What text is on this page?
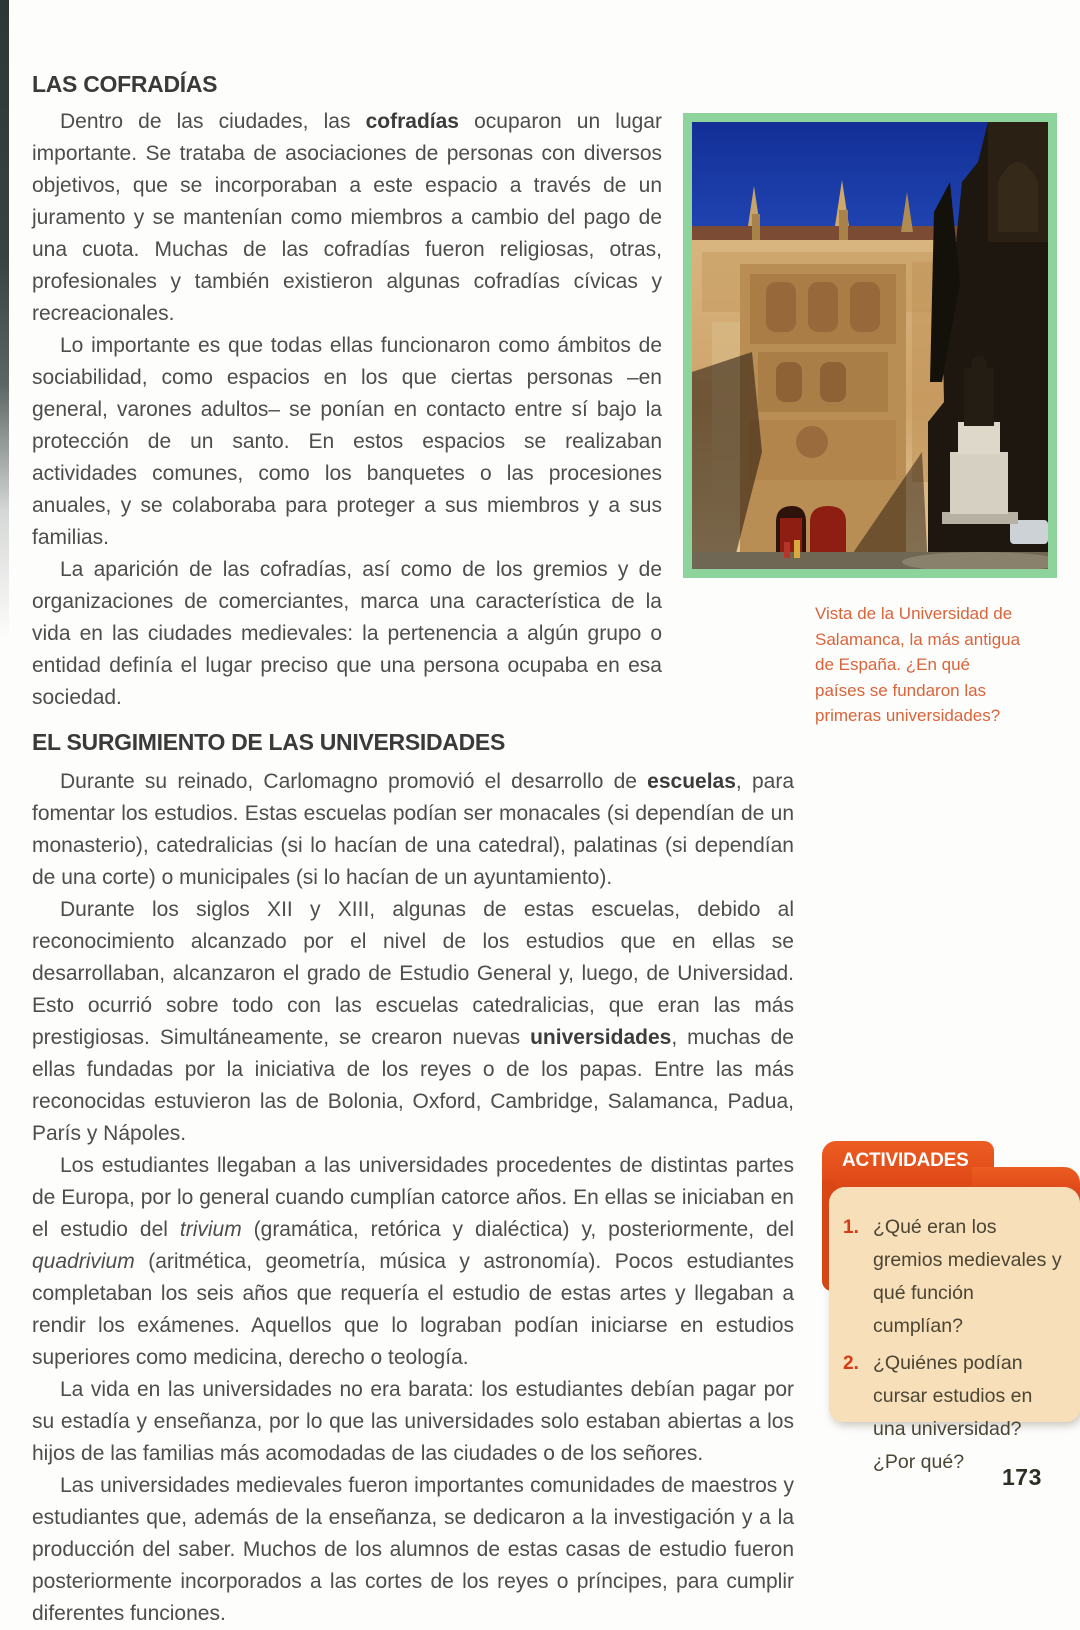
LAS COFRADÍAS

Dentro de las ciudades, las cofradías ocuparon un lugar importante. Se trataba de asociaciones de personas con diversos objetivos, que se incorporaban a este espacio a través de un juramento y se mantenían como miembros a cambio del pago de una cuota. Muchas de las cofradías fueron religiosas, otras, profesionales y también existieron algunas cofradías cívicas y recreacionales.

Lo importante es que todas ellas funcionaron como ámbitos de sociabilidad, como espacios en los que ciertas personas –en general, varones adultos– se ponían en contacto entre sí bajo la protección de un santo. En estos espacios se realizaban actividades comunes, como los banquetes o las procesiones anuales, y se colaboraba para proteger a sus miembros y a sus familias.

La aparición de las cofradías, así como de los gremios y de organizaciones de comerciantes, marca una característica de la vida en las ciudades medievales: la pertenencia a algún grupo o entidad definía el lugar preciso que una persona ocupaba en esa sociedad.

EL SURGIMIENTO DE LAS UNIVERSIDADES

Durante su reinado, Carlomagno promovió el desarrollo de escuelas, para fomentar los estudios. Estas escuelas podían ser monacales (si dependían de un monasterio), catedralicias (si lo hacían de una catedral), palatinas (si dependían de una corte) o municipales (si lo hacían de un ayuntamiento).

Durante los siglos XII y XIII, algunas de estas escuelas, debido al reconocimiento alcanzado por el nivel de los estudios que en ellas se desarrollaban, alcanzaron el grado de Estudio General y, luego, de Universidad. Esto ocurrió sobre todo con las escuelas catedralicias, que eran las más prestigiosas. Simultáneamente, se crearon nuevas universidades, muchas de ellas fundadas por la iniciativa de los reyes o de los papas. Entre las más reconocidas estuvieron las de Bolonia, Oxford, Cambridge, Salamanca, Padua, París y Nápoles.

Los estudiantes llegaban a las universidades procedentes de distintas partes de Europa, por lo general cuando cumplían catorce años. En ellas se iniciaban en el estudio del trivium (gramática, retórica y dialéctica) y, posteriormente, del quadrivium (aritmética, geometría, música y astronomía). Pocos estudiantes completaban los seis años que requería el estudio de estas artes y llegaban a rendir los exámenes. Aquellos que lo lograban podían iniciarse en estudios superiores como medicina, derecho o teología.

La vida en las universidades no era barata: los estudiantes debían pagar por su estadía y enseñanza, por lo que las universidades solo estaban abiertas a los hijos de las familias más acomodadas de las ciudades o de los señores.

Las universidades medievales fueron importantes comunidades de maestros y estudiantes que, además de la enseñanza, se dedicaron a la investigación y a la producción del saber. Muchos de los alumnos de estas casas de estudio fueron posteriormente incorporados a las cortes de los reyes o príncipes, para cumplir diferentes funciones.

Vista de la Universidad de Salamanca, la más antigua de España. ¿En qué países se fundaron las primeras universidades?
ACTIVIDADES
1. ¿Qué eran los gremios medievales y qué función cumplían?
2. ¿Quiénes podían cursar estudios en una universidad? ¿Por qué?
173
